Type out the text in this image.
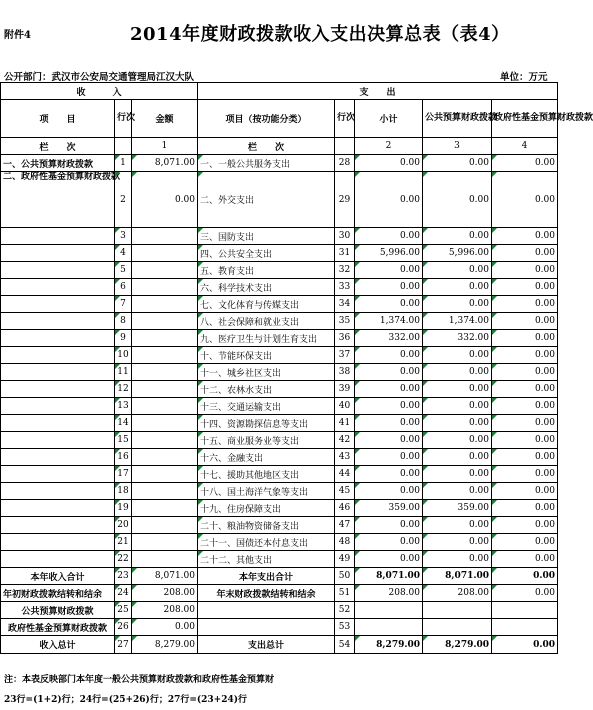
附件4	2014年度财政拨款收入支出决算总表（表4）
公开部门：武汉市公安局交通管理局江汉大队	单位：万元
收　　　入			支　　出				
项　　目	行次	金额	项目（按功能分类）	行次	小计	公共预算财政拨款	政府性基金预算财政拨款
栏　　次		1	栏　　次		2	3	4
一、公共预算财政拨款	1	8,071.00	一、一般公共服务支出	28	0.00	0.00	0.00
二、政府性基金预算财政拨款	2	0.00	二、外交支出	29	0.00	0.00	0.00
	3		三、国防支出	30	0.00	0.00	0.00
	4		四、公共安全支出	31	5,996.00	5,996.00	0.00
	5		五、教育支出	32	0.00	0.00	0.00
	6		六、科学技术支出	33	0.00	0.00	0.00
	7		七、文化体育与传媒支出	34	0.00	0.00	0.00
	8		八、社会保障和就业支出	35	1,374.00	1,374.00	0.00
	9		九、医疗卫生与计划生育支出	36	332.00	332.00	0.00
	10		十、节能环保支出	37	0.00	0.00	0.00
	11		十一、城乡社区支出	38	0.00	0.00	0.00
	12		十二、农林水支出	39	0.00	0.00	0.00
	13		十三、交通运输支出	40	0.00	0.00	0.00
	14		十四、资源勘探信息等支出	41	0.00	0.00	0.00
	15		十五、商业服务业等支出	42	0.00	0.00	0.00
	16		十六、金融支出	43	0.00	0.00	0.00
	17		十七、援助其他地区支出	44	0.00	0.00	0.00
	18		十八、国土海洋气象等支出	45	0.00	0.00	0.00
	19		十九、住房保障支出	46	359.00	359.00	0.00
	20		二十、粮油物资储备支出	47	0.00	0.00	0.00
	21		二十一、国债还本付息支出	48	0.00	0.00	0.00
	22		二十二、其他支出	49	0.00	0.00	0.00
本年收入合计	23	8,071.00	本年支出合计	50	8,071.00	8,071.00	0.00
年初财政拨款结转和结余	24	208.00	年末财政拨款结转和结余	51	208.00	208.00	0.00
公共预算财政拨款	25	208.00		52			
政府性基金预算财政拨款	26	0.00		53			
收入总计	27	8,279.00	支出总计	54	8,279.00	8,279.00	0.00
注：本表反映部门本年度一般公共预算财政拨款和政府性基金预算财
23行=(1+2)行；24行=(25+26)行；27行=(23+24)行
